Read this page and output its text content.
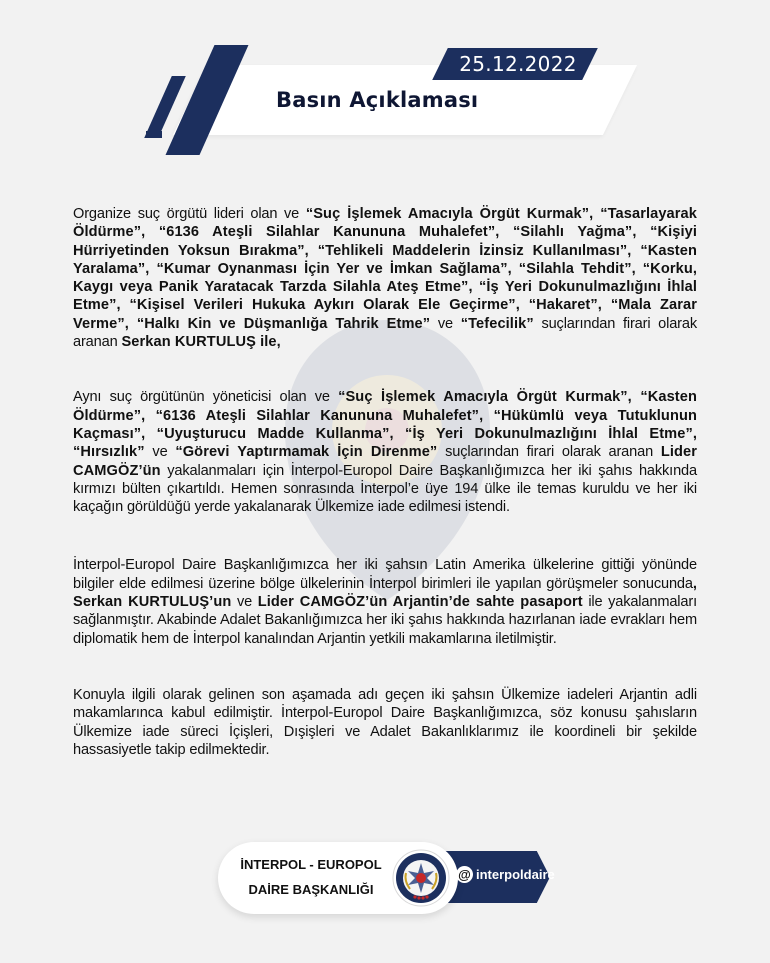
25.12.2022
Basın Açıklaması

Organize suç örgütü lideri olan ve “Suç İşlemek Amacıyla Örgüt Kurmak”, “Tasarlayarak Öldürme”, “6136 Ateşli Silahlar Kanununa Muhalefet”, “Silahlı Yağma”, “Kişiyi Hürriyetinden Yoksun Bırakma”, “Tehlikeli Maddelerin İzinsiz Kullanılması”, “Kasten Yaralama”, “Kumar Oynanması İçin Yer ve İmkan Sağlama”, “Silahla Tehdit”, “Korku, Kaygı veya Panik Yaratacak Tarzda Silahla Ateş Etme”, “İş Yeri Dokunulmazlığını İhlal Etme”, “Kişisel Verileri Hukuka Aykırı Olarak Ele Geçirme”, “Hakaret”, “Mala Zarar Verme”, “Halkı Kin ve Düşmanlığa Tahrik Etme” ve “Tefecilik” suçlarından firari olarak aranan Serkan KURTULUŞ ile,

Aynı suç örgütünün yöneticisi olan ve “Suç İşlemek Amacıyla Örgüt Kurmak”, “Kasten Öldürme”, “6136 Ateşli Silahlar Kanununa Muhalefet”, “Hükümlü veya Tutuklunun Kaçması”, “Uyuşturucu Madde Kullanma”, “İş Yeri Dokunulmazlığını İhlal Etme”, “Hırsızlık” ve “Görevi Yaptırmamak İçin Direnme” suçlarından firari olarak aranan Lider CAMGÖZ’ün yakalanmaları için İnterpol-Europol Daire Başkanlığımızca her iki şahıs hakkında kırmızı bülten çıkartıldı. Hemen sonrasında İnterpol’e üye 194 ülke ile temas kuruldu ve her iki kaçağın görüldüğü yerde yakalanarak Ülkemize iade edilmesi istendi.

İnterpol-Europol Daire Başkanlığımızca her iki şahsın Latin Amerika ülkelerine gittiği yönünde bilgiler elde edilmesi üzerine bölge ülkelerinin İnterpol birimleri ile yapılan görüşmeler sonucunda, Serkan KURTULUŞ’un ve Lider CAMGÖZ’ün Arjantin’de sahte pasaport ile yakalanmaları sağlanmıştır. Akabinde Adalet Bakanlığımızca her iki şahıs hakkında hazırlanan iade evrakları hem diplomatik hem de İnterpol kanalından Arjantin yetkili makamlarına iletilmiştir.

Konuyla ilgili olarak gelinen son aşamada adı geçen iki şahsın Ülkemize iadeleri Arjantin adli makamlarınca kabul edilmiştir. İnterpol-Europol Daire Başkanlığımızca, söz konusu şahısların Ülkemize iade süreci İçişleri, Dışişleri ve Adalet Bakanlıklarımız ile koordineli bir şekilde hassasiyetle takip edilmektedir.

İNTERPOL - EUROPOL
DAİRE BAŞKANLIĞI
@ interpoldaire
